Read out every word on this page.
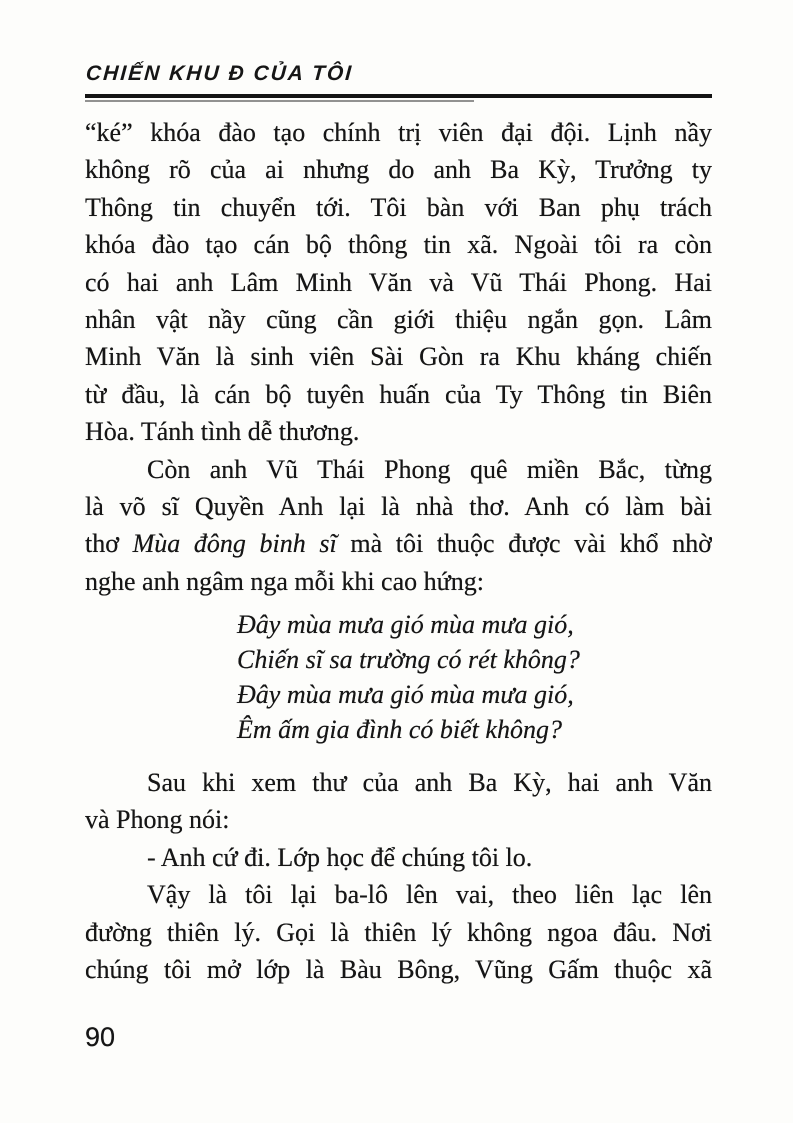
CHIẾN KHU Đ CỦA TÔI
“ké” khóa đào tạo chính trị viên đại đội. Lịnh nầy
không rõ của ai nhưng do anh Ba Kỳ, Trưởng ty
Thông tin chuyển tới. Tôi bàn với Ban phụ trách
khóa đào tạo cán bộ thông tin xã. Ngoài tôi ra còn
có hai anh Lâm Minh Văn và Vũ Thái Phong. Hai
nhân vật nầy cũng cần giới thiệu ngắn gọn. Lâm
Minh Văn là sinh viên Sài Gòn ra Khu kháng chiến
từ đầu, là cán bộ tuyên huấn của Ty Thông tin Biên
Hòa. Tánh tình dễ thương.
Còn anh Vũ Thái Phong quê miền Bắc, từng
là võ sĩ Quyền Anh lại là nhà thơ. Anh có làm bài
thơ Mùa đông binh sĩ mà tôi thuộc được vài khổ nhờ
nghe anh ngâm nga mỗi khi cao hứng:
Đây mùa mưa gió mùa mưa gió,
Chiến sĩ sa trường có rét không?
Đây mùa mưa gió mùa mưa gió,
Êm ấm gia đình có biết không?
Sau khi xem thư của anh Ba Kỳ, hai anh Văn
và Phong nói:
- Anh cứ đi. Lớp học để chúng tôi lo.
Vậy là tôi lại ba-lô lên vai, theo liên lạc lên
đường thiên lý. Gọi là thiên lý không ngoa đâu. Nơi
chúng tôi mở lớp là Bàu Bông, Vũng Gấm thuộc xã
90
